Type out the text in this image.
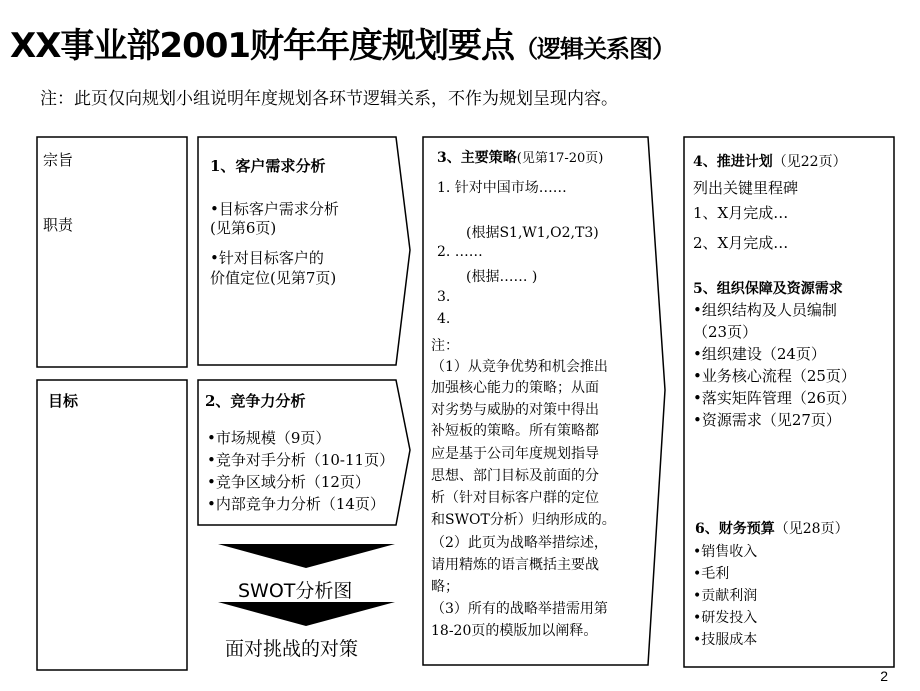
XX事业部2001财年年度规划要点（逻辑关系图）
注：此页仅向规划小组说明年度规划各环节逻辑关系，不作为规划呈现内容。
宗旨
职责
目标
1、客户需求分析
•目标客户需求分析
(见第6页)
•针对目标客户的
价值定位(见第7页)
2、竞争力分析
•市场规模（9页）
•竞争对手分析（10-11页）
•竞争区域分析（12页）
•内部竞争力分析（14页）
SWOT分析图
面对挑战的对策
3、主要策略(见第17-20页)
1. 针对中国市场……
(根据S1,W1,O2,T3)
2. ……
(根据…… )
3.
4.
注：
（1）从竞争优势和机会推出
加强核心能力的策略；从面
对劣势与威胁的对策中得出
补短板的策略。所有策略都
应是基于公司年度规划指导
思想、部门目标及前面的分
析（针对目标客户群的定位
和SWOT分析）归纳形成的。
（2）此页为战略举措综述，
请用精炼的语言概括主要战
略；
（3）所有的战略举措需用第
18-20页的模版加以阐释。
4、推进计划（见22页）
列出关键里程碑
1、X月完成…
2、X月完成…
5、组织保障及资源需求
•组织结构及人员编制
（23页）
•组织建设（24页）
•业务核心流程（25页）
•落实矩阵管理（26页）
•资源需求（见27页）
6、财务预算（见28页）
•销售收入
•毛利
•贡献利润
•研发投入
•技服成本
2
